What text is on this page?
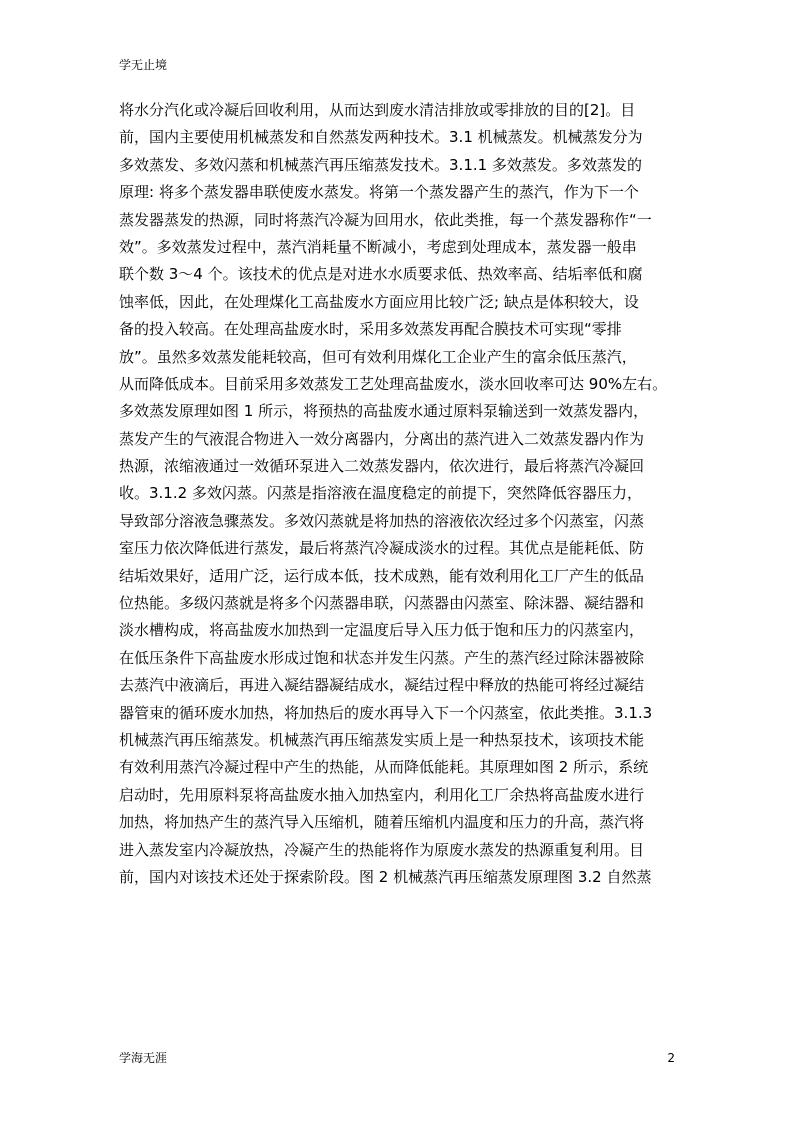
学无止境
将水分汽化或冷凝后回收利用，从而达到废水清洁排放或零排放的目的[2]。目
前，国内主要使用机械蒸发和自然蒸发两种技术。3.1 机械蒸发。机械蒸发分为
多效蒸发、多效闪蒸和机械蒸汽再压缩蒸发技术。3.1.1 多效蒸发。多效蒸发的
原理: 将多个蒸发器串联使废水蒸发。将第一个蒸发器产生的蒸汽，作为下一个
蒸发器蒸发的热源，同时将蒸汽冷凝为回用水，依此类推，每一个蒸发器称作“一
效”。多效蒸发过程中，蒸汽消耗量不断减小，考虑到处理成本，蒸发器一般串
联个数 3～4 个。该技术的优点是对进水水质要求低、热效率高、结垢率低和腐
蚀率低，因此，在处理煤化工高盐废水方面应用比较广泛; 缺点是体积较大，设
备的投入较高。在处理高盐废水时，采用多效蒸发再配合膜技术可实现“零排
放”。虽然多效蒸发能耗较高，但可有效利用煤化工企业产生的富余低压蒸汽，
从而降低成本。目前采用多效蒸发工艺处理高盐废水，淡水回收率可达 90%左右。
多效蒸发原理如图 1 所示，将预热的高盐废水通过原料泵输送到一效蒸发器内，
蒸发产生的气液混合物进入一效分离器内，分离出的蒸汽进入二效蒸发器内作为
热源，浓缩液通过一效循环泵进入二效蒸发器内，依次进行，最后将蒸汽冷凝回
收。3.1.2 多效闪蒸。闪蒸是指溶液在温度稳定的前提下，突然降低容器压力，
导致部分溶液急骤蒸发。多效闪蒸就是将加热的溶液依次经过多个闪蒸室，闪蒸
室压力依次降低进行蒸发，最后将蒸汽冷凝成淡水的过程。其优点是能耗低、防
结垢效果好，适用广泛，运行成本低，技术成熟，能有效利用化工厂产生的低品
位热能。多级闪蒸就是将多个闪蒸器串联，闪蒸器由闪蒸室、除沫器、凝结器和
淡水槽构成，将高盐废水加热到一定温度后导入压力低于饱和压力的闪蒸室内，
在低压条件下高盐废水形成过饱和状态并发生闪蒸。产生的蒸汽经过除沫器被除
去蒸汽中液滴后，再进入凝结器凝结成水，凝结过程中释放的热能可将经过凝结
器管束的循环废水加热，将加热后的废水再导入下一个闪蒸室，依此类推。3.1.3
机械蒸汽再压缩蒸发。机械蒸汽再压缩蒸发实质上是一种热泵技术，该项技术能
有效利用蒸汽冷凝过程中产生的热能，从而降低能耗。其原理如图 2 所示，系统
启动时，先用原料泵将高盐废水抽入加热室内，利用化工厂余热将高盐废水进行
加热，将加热产生的蒸汽导入压缩机，随着压缩机内温度和压力的升高，蒸汽将
进入蒸发室内冷凝放热，冷凝产生的热能将作为原废水蒸发的热源重复利用。目
前，国内对该技术还处于探索阶段。图 2 机械蒸汽再压缩蒸发原理图 3.2 自然蒸
学海无涯	2
